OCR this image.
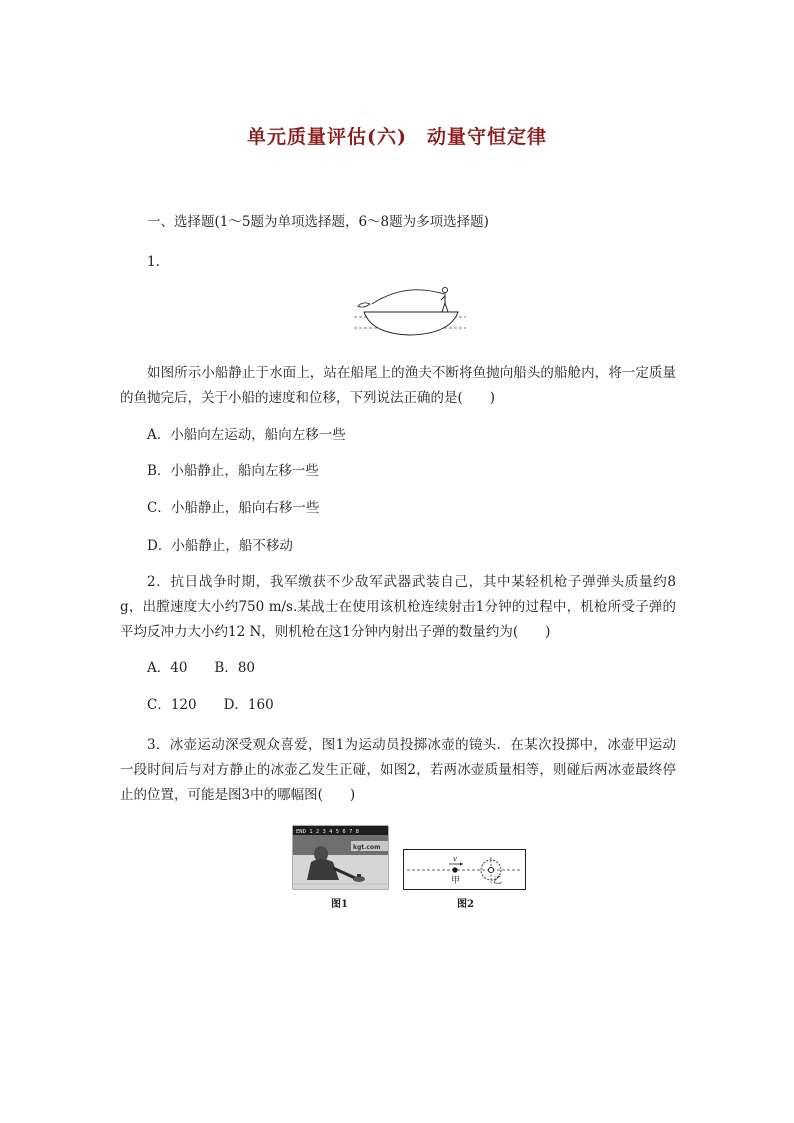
单元质量评估(六)　动量守恒定律
一、选择题(1～5题为单项选择题，6～8题为多项选择题)
1.
如图所示小船静止于水面上，站在船尾上的渔夫不断将鱼抛向船头的船舱内，将一定质量的鱼抛完后，关于小船的速度和位移，下列说法正确的是(　　)
A．小船向左运动，船向左移一些
B．小船静止，船向左移一些
C．小船静止，船向右移一些
D．小船静止，船不移动
2．抗日战争时期，我军缴获不少敌军武器武装自己，其中某轻机枪子弹弹头质量约8 g，出膛速度大小约750 m/s.某战士在使用该机枪连续射击1分钟的过程中，机枪所受子弹的平均反冲力大小约12 N，则机枪在这1分钟内射出子弹的数量约为(　　)
A．40　　B．80
C．120　　D．160
3．冰壶运动深受观众喜爱，图1为运动员投掷冰壶的镜头．在某次投掷中，冰壶甲运动一段时间后与对方静止的冰壶乙发生正碰，如图2，若两冰壶质量相等，则碰后两冰壶最终停止的位置，可能是图3中的哪幅图(　　)
END 1 2 3 4 5 6 7 8
kgt.com
图1
v
甲	乙
图2
